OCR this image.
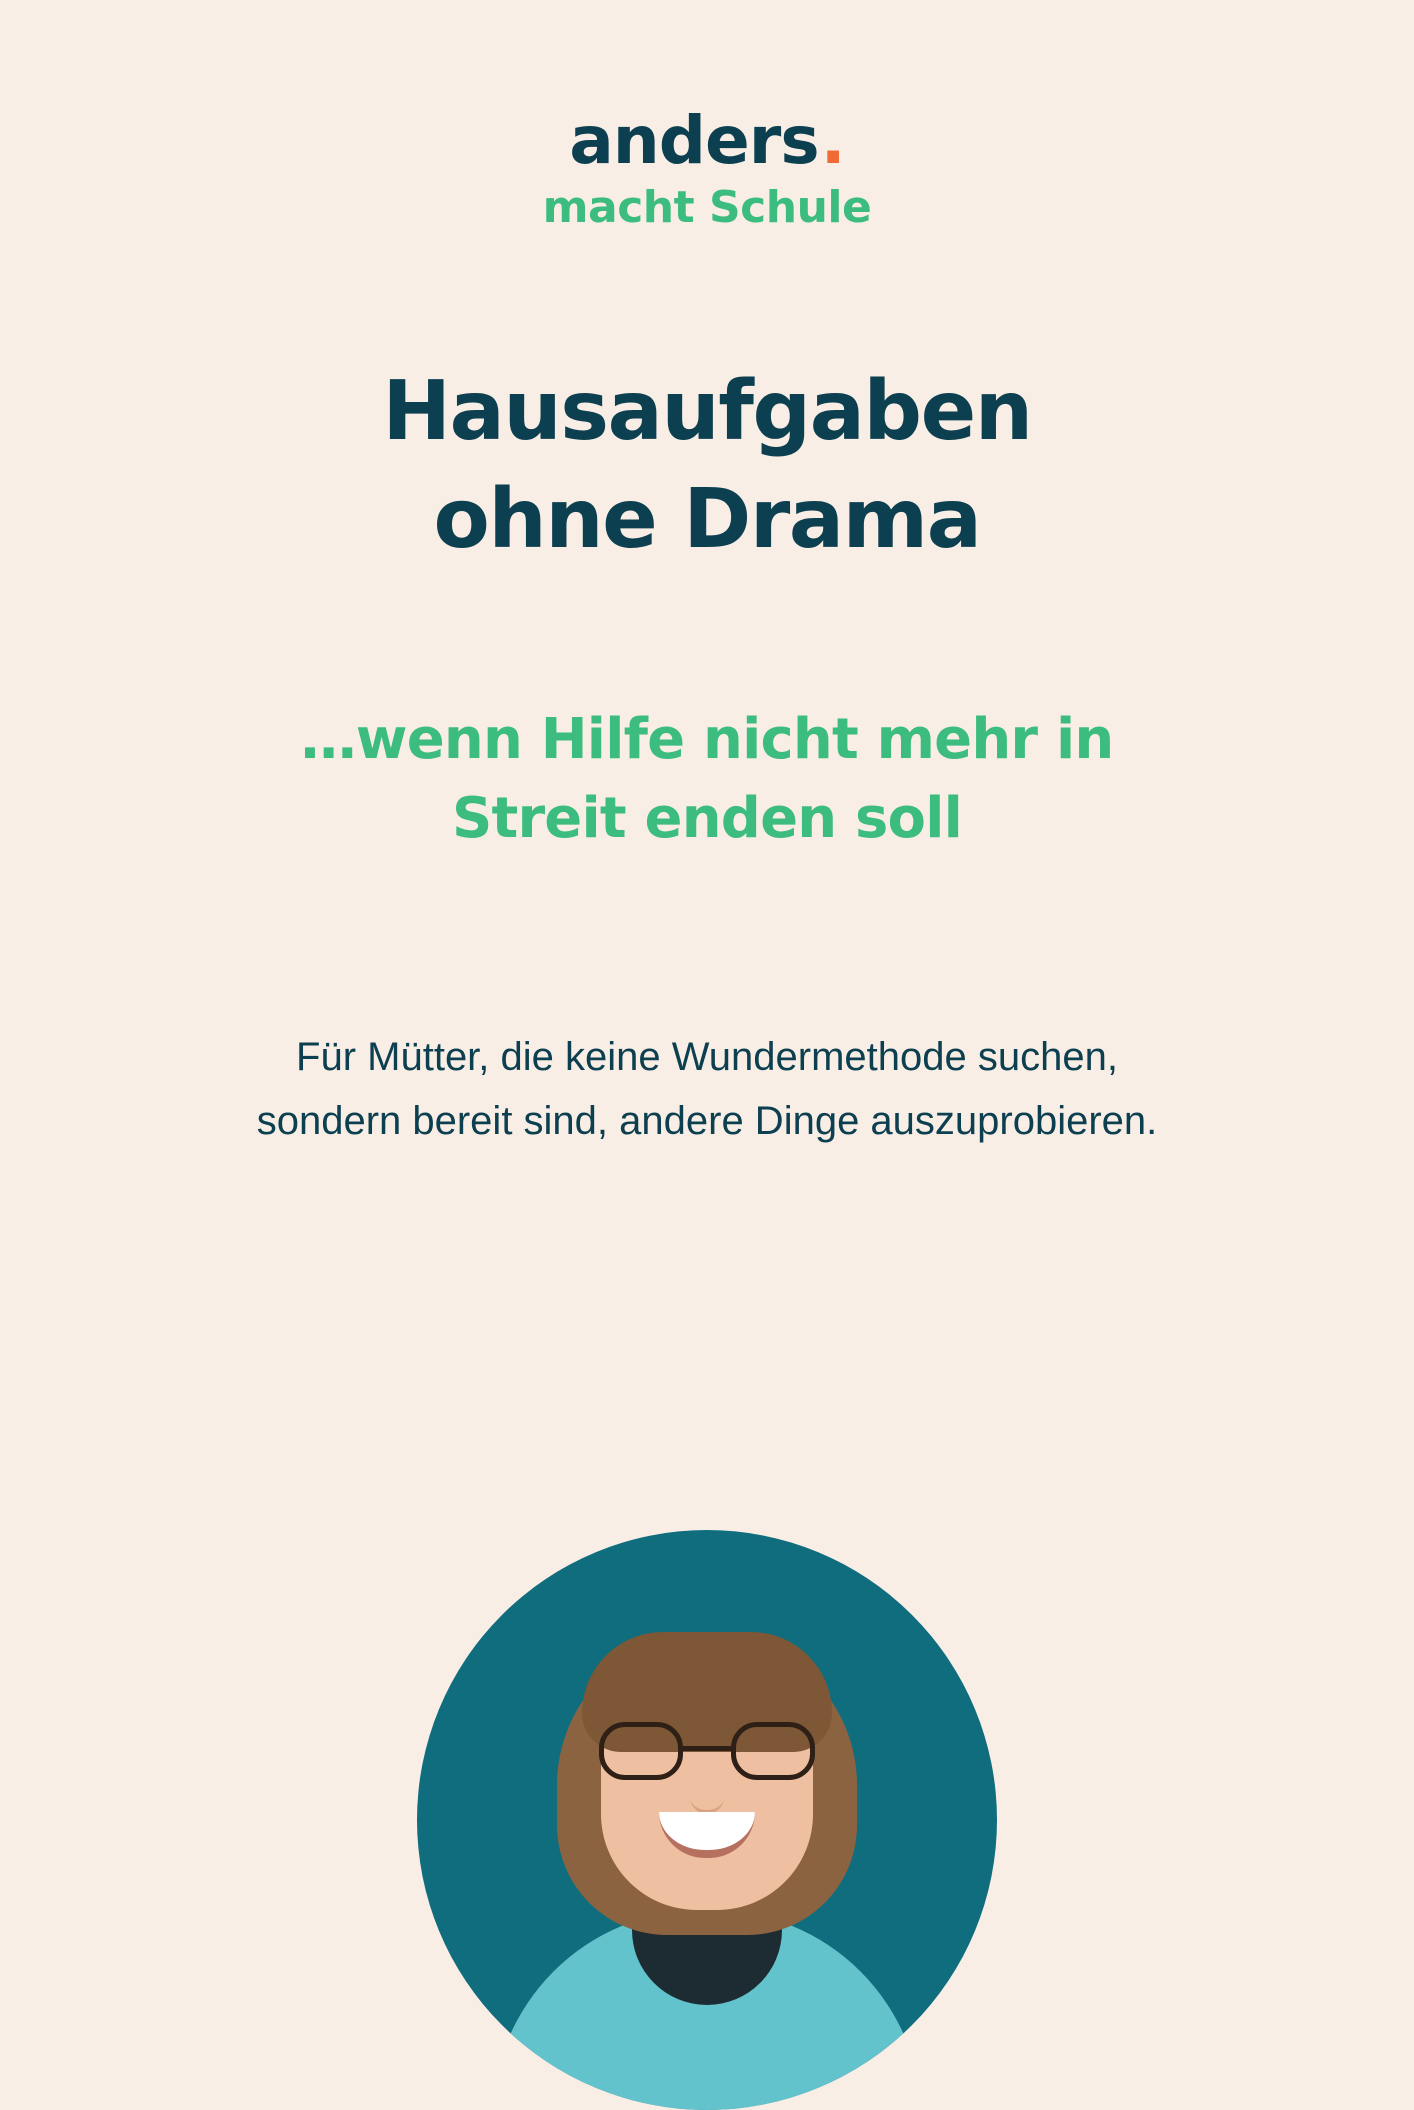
anders .
macht Schule
Hausaufgaben
ohne Drama
…wenn Hilfe nicht mehr in
Streit enden soll

Für Mütter, die keine Wundermethode suchen,
sondern bereit sind, andere Dinge auszuprobieren.
